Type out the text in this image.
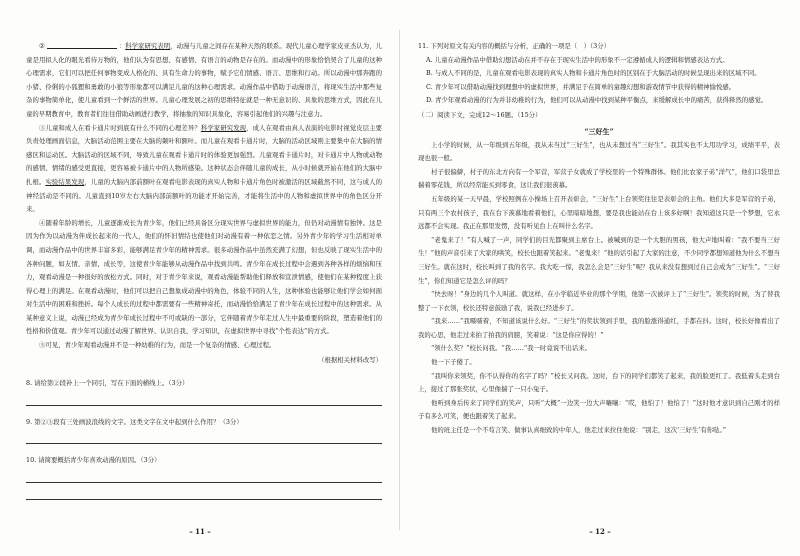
②	：科学家研究表明，动漫与儿童之间存在某种天然的联系。现代儿童心理学家皮亚杰认为，儿童是用拟人化的眼光看待万物的，他们认为有思想、有感情、有语言的动物是存在的。而动漫中的形象恰恰契合了儿童的这种心理需求，它们可以把任何事物变成人格化的、具有生命力的事物，赋予它们情感、语言、思维和行动。所以动漫中那奔跑的小猪、伶俐的小狐狸和勇敢的小狼等形象都可以满足儿童的这种心理需求。动漫作品中借助于动漫语言，将现实生活中那些复杂的事物简单化，使儿童看到一个鲜活的世界。儿童心理发展之初的思维特征就是一种无意识的、具象的思维方式，因此在儿童的早期教育中，教育者们往往借助动画进行教学，将抽象的知识具象化，容易引起他们的兴趣与注意力。

③儿童和成人在看卡通片时到底有什么不同的心理差异？科学家研究发现，成人在观看由真人表演的电影时视觉皮层主要负责处理画面信息，大脑活动范围主要在大脑的颞叶和额叶。而儿童在观看卡通片时，大脑的活动区域则主要集中在大脑的情感区和运动区。大脑活动的区域不同，导致儿童在观看卡通片时的体验更加强烈。儿童观看卡通片时，对卡通片中人物或动物的感情、情绪的感受更直接，更容易被卡通片中的人物所感染。这种状态会伴随儿童的成长，从小时候就开始在他们的大脑中扎根。实验结果发现，儿童的大脑内部前额叶在观看电影表现的真实人物和卡通片角色时被激活的区域截然不同，这与成人的神经活动是不同的。儿童直到10岁左右大脑内部前额叶的功能才开始完善，才能将生活中的人物和虚拟世界中的角色区分开来。

④随着年龄的增长，儿童逐渐成长为青少年，他们已经具备区分现实世界与虚拟世界的能力，但仍对动漫情有独钟。这是因为作为以动漫为伴成长起来的一代人，他们的怀旧情结也使他们对动漫有着一种依恋之情。另外青少年的学习生活相对单调，而动漫作品中的世界丰富多彩，能够满足青少年的精神需求。很多动漫作品中虽然充满了幻想，但也反映了现实生活中的各种问题，如友情、亲情、成长等，这使青少年能够从动漫作品中找到共鸣。青少年在成长过程中会遇到各种各样的烦恼和压力，观看动漫是一种很好的放松方式。同时，对于青少年来说，观看动漫能帮助他们释放和宣泄情感，使他们在某种程度上获得心理上的满足。在观看动漫时，他们可以把自己想象成动漫中的角色，体验不同的人生，这种体验也能够让他们学会如何面对生活中的困难和挫折。每个人成长的过程中都需要有一些精神寄托，而动漫恰恰满足了青少年在成长过程中的这种需求。从某种意义上说，动漫已经成为青少年成长过程中不可或缺的一部分，它伴随着青少年走过人生中最重要的阶段，塑造着他们的性格和价值观。青少年可以通过动漫了解世界、认识自我、学习知识，在虚拟世界中寻找“个性表达”的方式。

⑤可见，青少年观看动漫并不是一种幼稚的行为，而是一个复杂的情感、心理过程。

（根据相关材料改写）

8. 请给第②段补上一个同引，写在下面的横线上。（3分）

9. 第②③段有三处画波浪线的文字。这类文字在文中起到什么作用？（3分）

10. 请简要概括青少年喜欢动漫的原因。（3分）

– 11 –

11. 下列对原文有关内容的概括与分析，正确的一项是（　）（3分）

A. 儿童在动漫作品中借助幻想活动在并不存在于现实生活中的形象不一定遵循成人的逻辑和情感表达方式。

B. 与成人不同的是，儿童在观看电影表现的真实人物和卡通片角色时的区别在于大脑活动的时候呈现出来的区域不同。

C. 青少年可以借助动漫找到理想中的虚拟世界，并满足于在简单的童趣幻想和游戏情节中获得的精神愉悦感。

D. 青少年观看动漫的行为并非幼稚的行为，他们可以从动漫中找到某种平衡点，来缓解成长中的痛苦，获得释然的感觉。

（二）阅读下文，完成12～16题。（15分）

“三好生”

上小学的时候，从一年级到五年级，我从未当过“三好生”，也从未想过当“三好生”。我其实也不太用功学习，成绩平平，表现也很一般。

村子很偏僻，村子的东北方向有一个军营，军营子女就成了学校里的一个特殊群体。他们比农家子弟“洋气”，他们口袋里总揣着零花钱，所以经常能买到零食，这让我们很羡慕。

五年级的某一天早晨，学校照例在小操场上召开表彰会，“三好生”上台领奖往往是表彰会的主角。他们大多是军营的子弟，只有两三个农村孩子，我在台下羡慕地看着他们，心里暗暗地想，要是我也能站在台上该多好啊！我知道这只是一个梦想，它永远都不会实现。我正在那里发愣，没有听见台上在叫什么名字。

“老鬼来了！”有人喊了一声，同学们的目光都聚到主席台上。被喊到的是一个大胆的男孩，他大声地叫着：“我不要当三好生！”他的声音引来了大家的哄笑，校长也跟着笑起来。“老鬼来！”他的话引起了大家的注意，不少同学都想知道他为什么不想当三好生。就在这时，校长叫到了我的名字。我大吃一惊，我怎么会是“三好生”呢？我从来没有想到过自己会成为“三好生”。“三好生”，你们知道它是怎么评的吗？

“快去呀！”身边的几个人叫道。就这样，在小学临近毕业的那个学期，他第一次被评上了“三好生”。领奖的时候，为了替我整了一下衣领，校长还特意鼓励了我，说我已经进步了。

“我来……”我嗫嚅着，不知道该说什么好。“三好生”的奖状领到手里，我的脸涨得通红，手都在抖。这时，校长好像看出了我的心思，他走过来拍了拍我的肩膀，笑着说：“这是你应得的！”

“领什么奖？”校长问我。“我……”我一时竟说不出话来。

他一下子傻了。

“我叫你来领奖，你不认得你的名字了吗？”校长又问我。这时，台下的同学们都笑了起来，我的脸更红了。我低着头走到台上，接过了那张奖状，心里像揣了一只小兔子。

他听到身后传来了同学们的笑声，只听“大概”一边笑一边大声嚷嚷：“哎，他怕了！他怕了！”这时他才意识到自己刚才的样子有多么可笑，便也跟着笑了起来。

他的班主任是一个不苟言笑、做事认真细致的中年人，他走过来拉住他说：“别走，这次‘三好生’有你哒。”

– 12 –
